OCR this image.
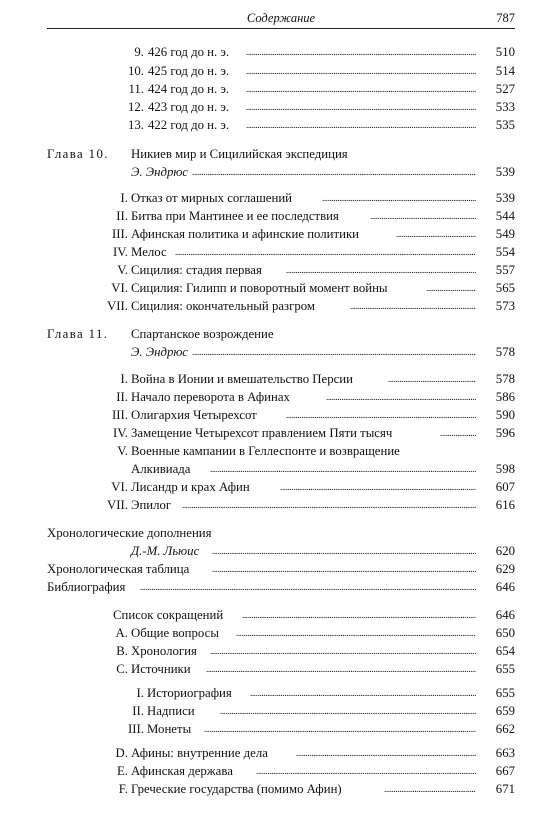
Содержание	787
9. 426 год до н. э. . . .	510
10. 425 год до н. э. . . .	514
11. 424 год до н. э. . . .	527
12. 423 год до н. э. . . .	533
13. 422 год до н. э. . . .	535
Глава 10. Никиев мир и Сицилийская экспедиция
Э. Эндрюс . . .	539
I. Отказ от мирных соглашений . . .	539
II. Битва при Мантинее и ее последствия . . .	544
III. Афинская политика и афинские политики . . .	549
IV. Мелос . . .	554
V. Сицилия: стадия первая . . .	557
VI. Сицилия: Гилипп и поворотный момент войны . . .	565
VII. Сицилия: окончательный разгром . . .	573
Глава 11. Спартанское возрождение
Э. Эндрюс . . .	578
I. Война в Ионии и вмешательство Персии . . .	578
II. Начало переворота в Афинах . . .	586
III. Олигархия Четырехсот . . .	590
IV. Замещение Четырехсот правлением Пяти тысяч . . .	596
V. Военные кампании в Геллеспонте и возвращение
Алкивиада . . .	598
VI. Лисандр и крах Афин . . .	607
VII. Эпилог . . .	616
Хронологические дополнения
Д.-М. Льюис . . .	620
Хронологическая таблица . . .	629
Библиография . . .	646
Список сокращений . . .	646
A. Общие вопросы . . .	650
B. Хронология . . .	654
C. Источники . . .	655
I. Историография . . .	655
II. Надписи . . .	659
III. Монеты . . .	662
D. Афины: внутренние дела . . .	663
E. Афинская держава . . .	667
F. Греческие государства (помимо Афин) . . .	671
